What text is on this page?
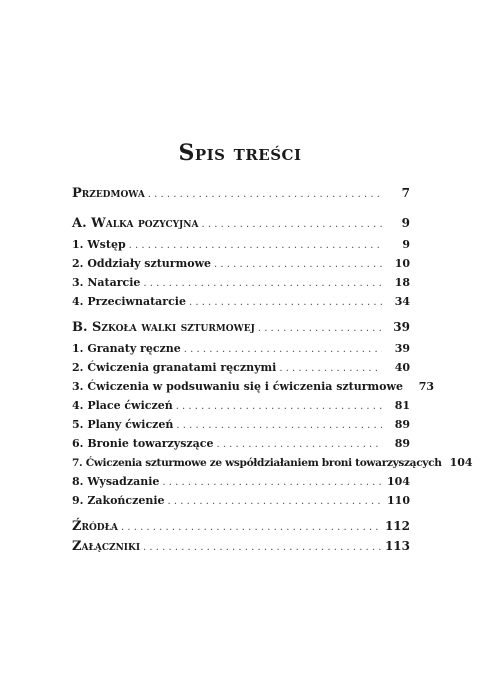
Spis treści
Przedmowa . . .	7
A. Walka pozycyjna . . .	9
1. Wstęp . . .	9
2. Oddziały szturmowe . . .	10
3. Natarcie . . .	18
4. Przeciwnatarcie . . .	34
B. Szkoła walki szturmowej . . .	39
1. Granaty ręczne . . .	39
2. Ćwiczenia granatami ręcznymi . . .	40
3. Ćwiczenia w podsuwaniu się i ćwiczenia szturmowe	73
4. Place ćwiczeń . . .	81
5. Plany ćwiczeń . . .	89
6. Bronie towarzyszące . . .	89
7. Ćwiczenia szturmowe ze współdziałaniem broni towarzyszących 104
8. Wysadzanie . . .	104
9. Zakończenie . . .	110
Źródła . . .	112
Załączniki . . .	113
